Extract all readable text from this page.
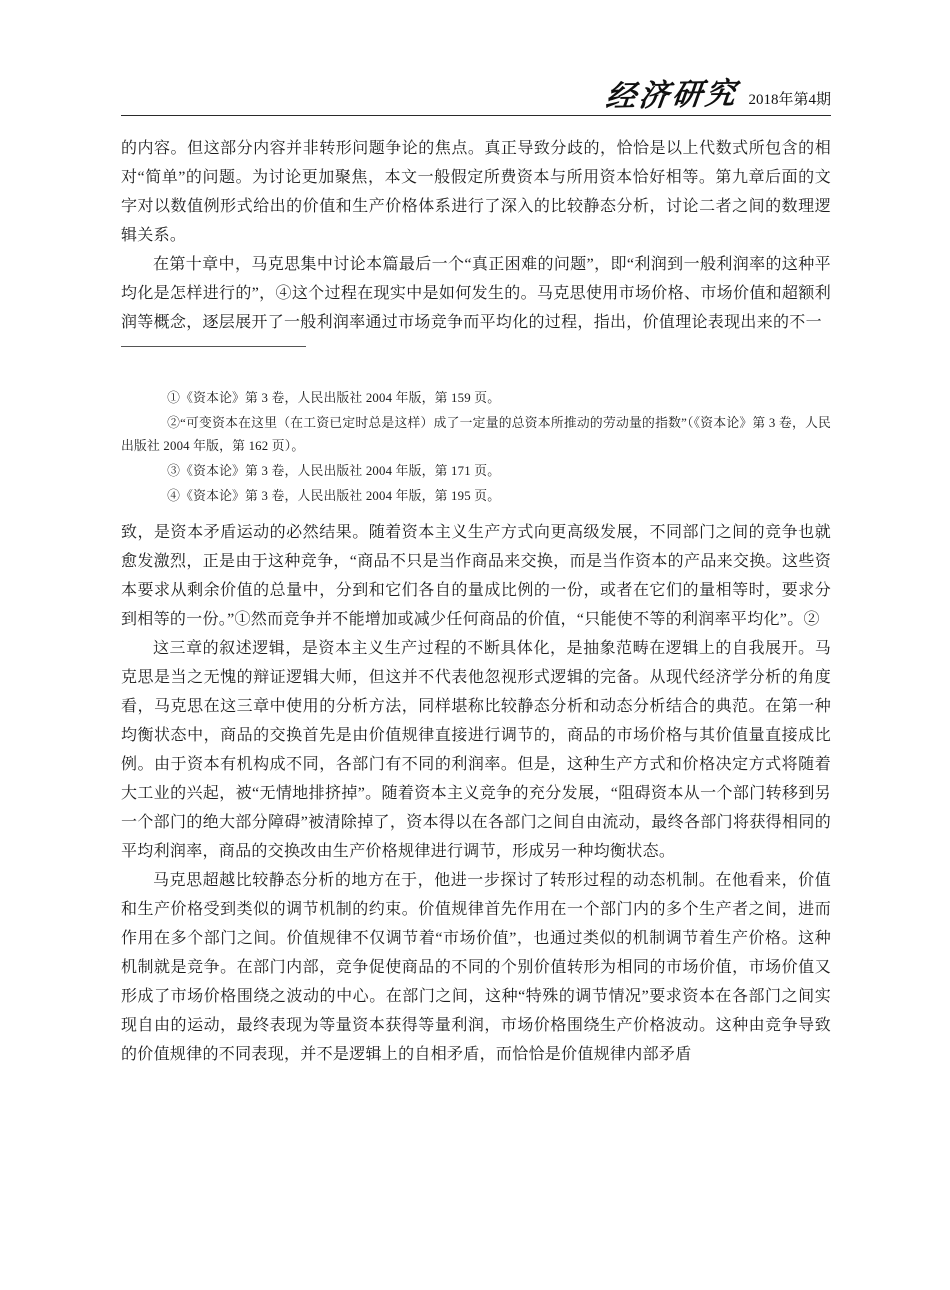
经济研究 2018年第4期

的内容。但这部分内容并非转形问题争论的焦点。真正导致分歧的，恰恰是以上代数式所包含的相对“简单”的问题。为讨论更加聚焦，本文一般假定所费资本与所用资本恰好相等。第九章后面的文字对以数值例形式给出的价值和生产价格体系进行了深入的比较静态分析，讨论二者之间的数理逻辑关系。

在第十章中，马克思集中讨论本篇最后一个“真正困难的问题”，即“利润到一般利润率的这种平均化是怎样进行的”，④这个过程在现实中是如何发生的。马克思使用市场价格、市场价值和超额利润等概念，逐层展开了一般利润率通过市场竞争而平均化的过程，指出，价值理论表现出来的不一

①《资本论》第 3 卷，人民出版社 2004 年版，第 159 页。

②“可变资本在这里（在工资已定时总是这样）成了一定量的总资本所推动的劳动量的指数”（《资本论》第 3 卷，人民出版社 2004 年版，第 162 页）。

③《资本论》第 3 卷，人民出版社 2004 年版，第 171 页。

④《资本论》第 3 卷，人民出版社 2004 年版，第 195 页。

致，是资本矛盾运动的必然结果。随着资本主义生产方式向更高级发展，不同部门之间的竞争也就愈发激烈，正是由于这种竞争，“商品不只是当作商品来交换，而是当作资本的产品来交换。这些资本要求从剩余价值的总量中，分到和它们各自的量成比例的一份，或者在它们的量相等时，要求分到相等的一份。”①然而竞争并不能增加或减少任何商品的价值，“只能使不等的利润率平均化”。②

这三章的叙述逻辑，是资本主义生产过程的不断具体化，是抽象范畴在逻辑上的自我展开。马克思是当之无愧的辩证逻辑大师，但这并不代表他忽视形式逻辑的完备。从现代经济学分析的角度看，马克思在这三章中使用的分析方法，同样堪称比较静态分析和动态分析结合的典范。在第一种均衡状态中，商品的交换首先是由价值规律直接进行调节的，商品的市场价格与其价值量直接成比例。由于资本有机构成不同，各部门有不同的利润率。但是，这种生产方式和价格决定方式将随着大工业的兴起，被“无情地排挤掉”。随着资本主义竞争的充分发展，“阻碍资本从一个部门转移到另一个部门的绝大部分障碍”被清除掉了，资本得以在各部门之间自由流动，最终各部门将获得相同的平均利润率，商品的交换改由生产价格规律进行调节，形成另一种均衡状态。

马克思超越比较静态分析的地方在于，他进一步探讨了转形过程的动态机制。在他看来，价值和生产价格受到类似的调节机制的约束。价值规律首先作用在一个部门内的多个生产者之间，进而作用在多个部门之间。价值规律不仅调节着“市场价值”，也通过类似的机制调节着生产价格。这种机制就是竞争。在部门内部，竞争促使商品的不同的个别价值转形为相同的市场价值，市场价值又形成了市场价格围绕之波动的中心。在部门之间，这种“特殊的调节情况”要求资本在各部门之间实现自由的运动，最终表现为等量资本获得等量利润，市场价格围绕生产价格波动。这种由竞争导致的价值规律的不同表现，并不是逻辑上的自相矛盾，而恰恰是价值规律内部矛盾
